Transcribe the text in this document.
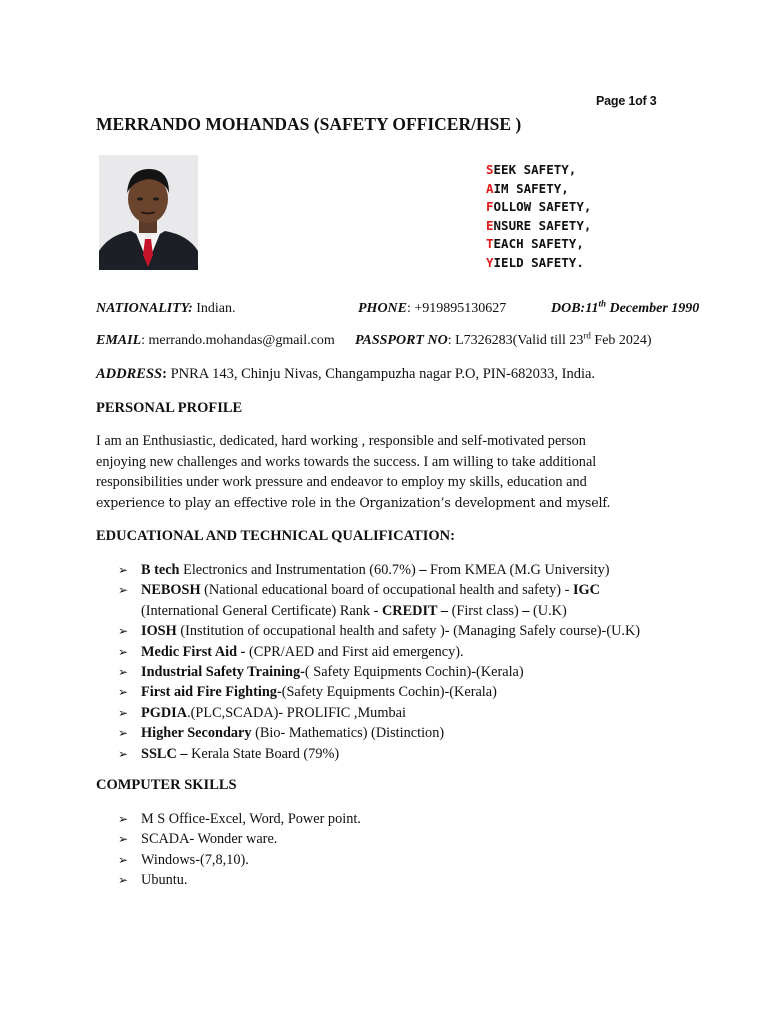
Page 1of 3
MERRANDO MOHANDAS (SAFETY OFFICER/HSE )
SEEK SAFETY,
AIM SAFETY,
FOLLOW SAFETY,
ENSURE SAFETY,
TEACH SAFETY,
YIELD SAFETY.
NATIONALITY: Indian.	PHONE: +919895130627	DOB:11th December 1990
EMAIL: merrando.mohandas@gmail.com PASSPORT NO: L7326283(Valid till 23rd Feb 2024)
ADDRESS: PNRA 143, Chinju Nivas, Changampuzha nagar P.O, PIN-682033, India.
PERSONAL PROFILE
I am an Enthusiastic, dedicated, hard working , responsible and self-motivated person
enjoying new challenges and works towards the success. I am willing to take additional
responsibilities under work pressure and endeavor to employ my skills, education and
experience to play an effective role in the Organization’s development and myself.
EDUCATIONAL AND TECHNICAL QUALIFICATION:
➢ B tech Electronics and Instrumentation (60.7%) – From KMEA (M.G University)
➢ NEBOSH (National educational board of occupational health and safety) - IGC
(International General Certificate) Rank - CREDIT – (First class) – (U.K)
➢ IOSH (Institution of occupational health and safety )- (Managing Safely course)-(U.K)
➢ Medic First Aid - (CPR/AED and First aid emergency).
➢ Industrial Safety Training-( Safety Equipments Cochin)-(Kerala)
➢ First aid Fire Fighting-(Safety Equipments Cochin)-(Kerala)
➢ PGDIA.(PLC,SCADA)- PROLIFIC ,Mumbai
➢ Higher Secondary (Bio- Mathematics) (Distinction)
➢ SSLC – Kerala State Board (79%)
COMPUTER SKILLS
➢ M S Office-Excel, Word, Power point.
➢ SCADA- Wonder ware.
➢ Windows-(7,8,10).
➢ Ubuntu.
